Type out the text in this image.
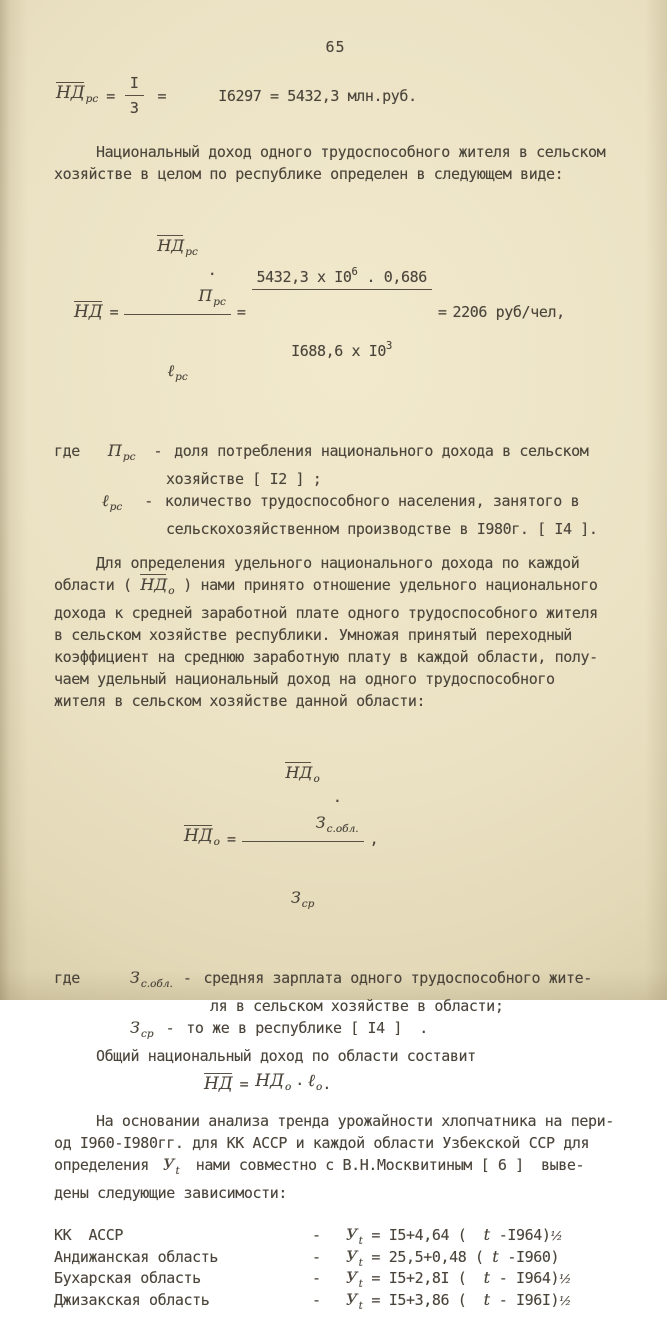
65
$НД_{рс} = \frac{I}{3}$ =	I6297 = 5432,3 млн.руб.
Национальный доход одного трудоспособного жителя в сельском
хозяйстве в целом по республике определен в следующем виде:
НД =

$НД_{рс}$
·
$П_{рс}$

ℓ$_{рс}$

=

$\frac{5432,3 x I0^6 . 0,686}{I688,6 x I0^3}$

= 2206 руб/чел,
где $П_{рс}$ - доля потребления национального дохода в сельском
хозяйстве [ I2 ] ;
ℓ$_{рс}$ - количество трудоспособного населения, занятого в
сельскохозяйственном производстве в I980г. [ I4 ].
Для определения удельного национального дохода по каждой
области ( $НД_о$ ) нами принято отношение удельного национального
дохода к средней заработной плате одного трудоспособного жителя
в сельском хозяйстве республики. Умножая принятый переходный
коэффициент на среднюю заработную плату в каждой области, полу-
чаем удельный национальный доход на одного трудоспособного
жителя в сельском хозяйстве данной области:
$НД_о$ =

$НД_о$
·
$З_{с.обл.}$

$З_{ср}$

,
где	$З_{с.обл.}$ - средняя зарплата одного трудоспособного жите-
ля в сельском хозяйстве в области;
$З_{ср}$ - то же в республике [ I4 ]  .
Общий национальный доход по области составит
НД = $НД_о$ · ℓ$_о$ .
На основании анализа тренда урожайности хлопчатника на пери-
од I960-I980гг. для КК АССР и каждой области Узбекской ССР для
определения $У_t$ нами совместно с В.Н.Москвитиным [ 6 ]  выве-
дены следующие зависимости:
КК  АССР	-	$У_t = I5+4,64$ ( t -I964) ½
Андижанская область	-	$У_t = 25,5+0,48$ ( t -I960)
Бухарская область	-	$У_t = I5+2,8I$ ( t - I964) ½
Джизакская область	-	$У_t = I5+3,86$ ( t - I96I) ½
